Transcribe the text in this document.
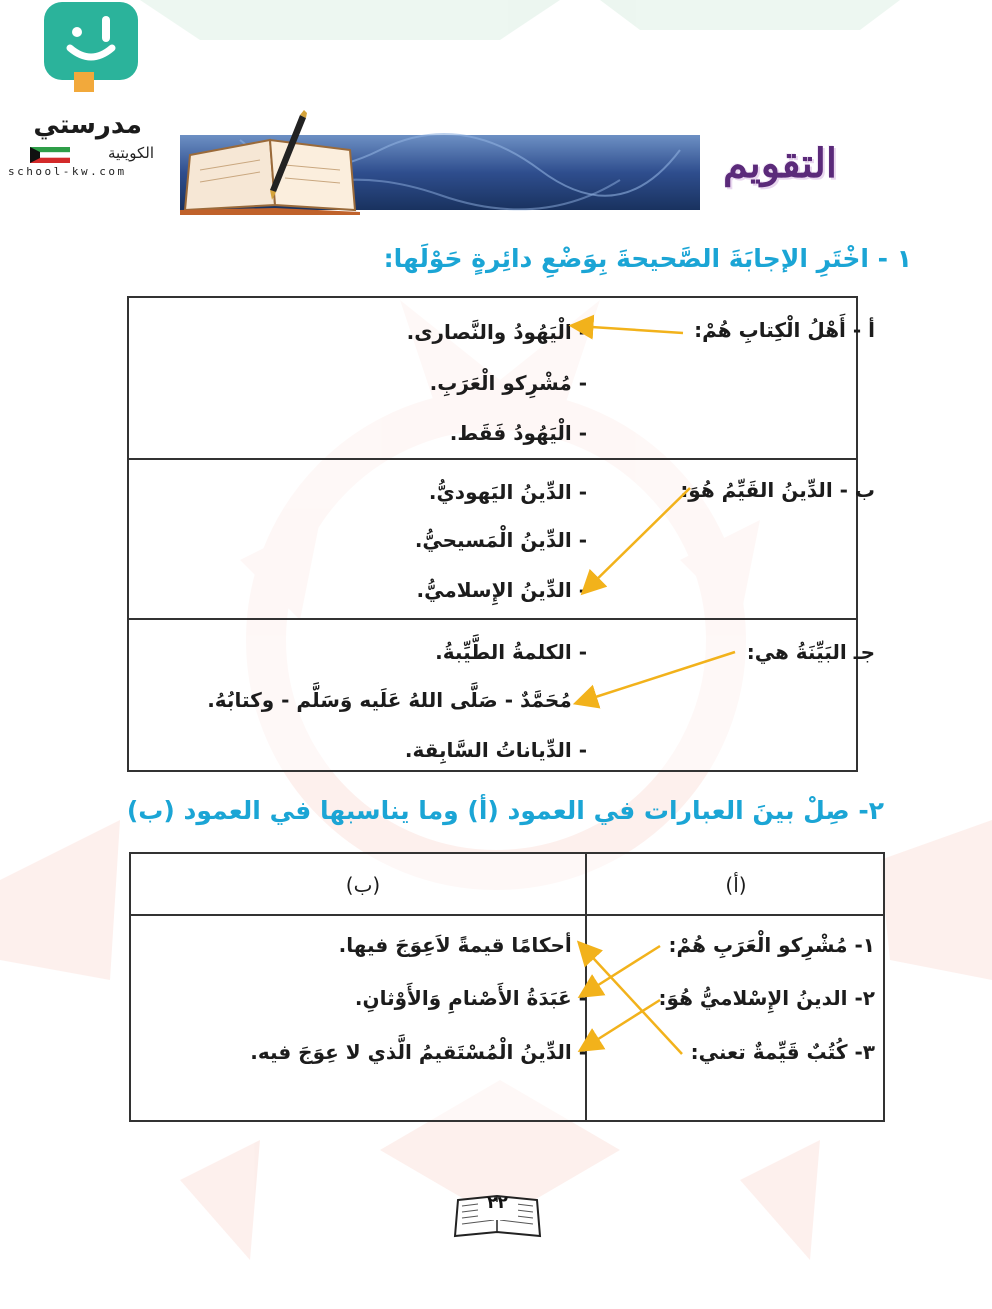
مدرستي
الكويتية
school-kw.com	التقويم
١ - اخْتَرِ الإجابَةَ الصَّحيحةَ بِوَضْعِ دائِرةٍ حَوْلَها:
أ - أَهْلُ الْكِتابِ هُمْ:
- الْيَهُودُ والنَّصارى.
- مُشْرِكو الْعَرَبِ.
- الْيَهُودُ فَقَط.
ب - الدِّينُ القَيِّمُ هُوَ:
- الدِّينُ اليَهوديُّ.
- الدِّينُ الْمَسيحيُّ.
- الدِّينُ الإِسلاميُّ.
جـ البَيِّنَةُ هي:
- الكلمةُ الطَّيِّبةُ.
- مُحَمَّدٌ - صَلَّى اللهُ عَلَيه وَسَلَّم - وكتابُهُ.
- الدِّياناتُ السَّابِقة.
٢- صِلْ بينَ العبارات في العمود (أ) وما يناسبها في العمود (ب)
(أ)
(ب)
١- مُشْرِكو الْعَرَبِ هُمْ:
٢- الدينُ الإِسْلاميُّ هُوَ:
٣- كُتُبٌ قَيِّمةٌ تعني:
- أحكامًا قيمةً لاَعِوَجَ فيها.
- عَبَدَةُ الأَصْنامِ وَالأَوْثانِ.
- الدِّينُ الْمُسْتَقيمُ الَّذي لا عِوَجَ فيه.
٢٢
